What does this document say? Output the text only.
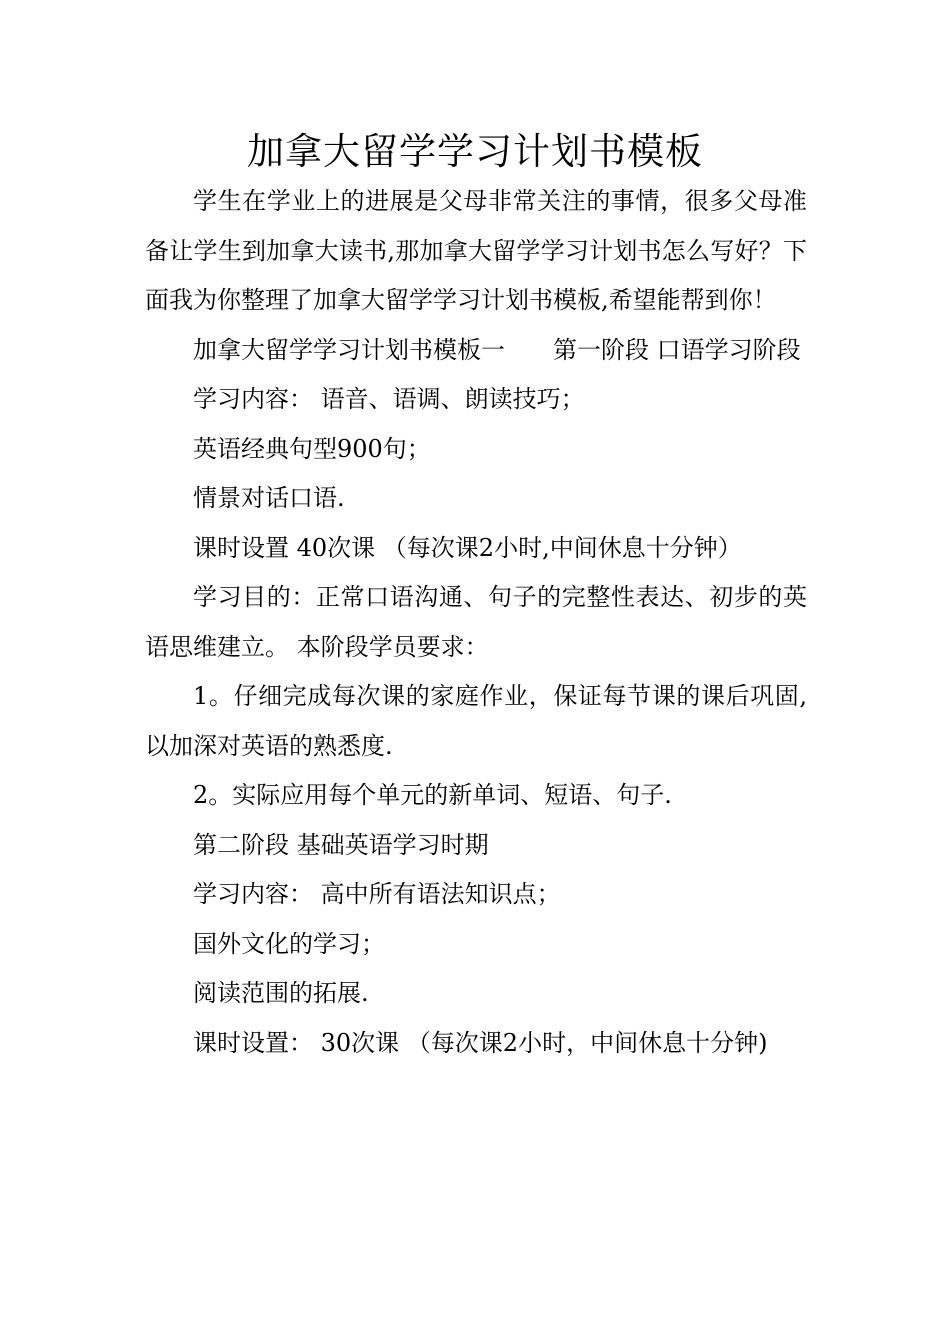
加拿大留学学习计划书模板

学生在学业上的进展是父母非常关注的事情，很多父母准备让学生到加拿大读书,那加拿大留学学习计划书怎么写好？下面我为你整理了加拿大留学学习计划书模板,希望能帮到你！

加拿大留学学习计划书模板一　　第一阶段 口语学习阶段

学习内容： 语音、语调、朗读技巧；

英语经典句型900句；

情景对话口语.

课时设置 40次课 （每次课2小时,中间休息十分钟）

学习目的：正常口语沟通、句子的完整性表达、初步的英语思维建立。 本阶段学员要求：

1。仔细完成每次课的家庭作业，保证每节课的课后巩固,以加深对英语的熟悉度.

2。实际应用每个单元的新单词、短语、句子.

第二阶段 基础英语学习时期

学习内容： 高中所有语法知识点；

国外文化的学习；

阅读范围的拓展.

课时设置： 30次课 （每次课2小时，中间休息十分钟)
